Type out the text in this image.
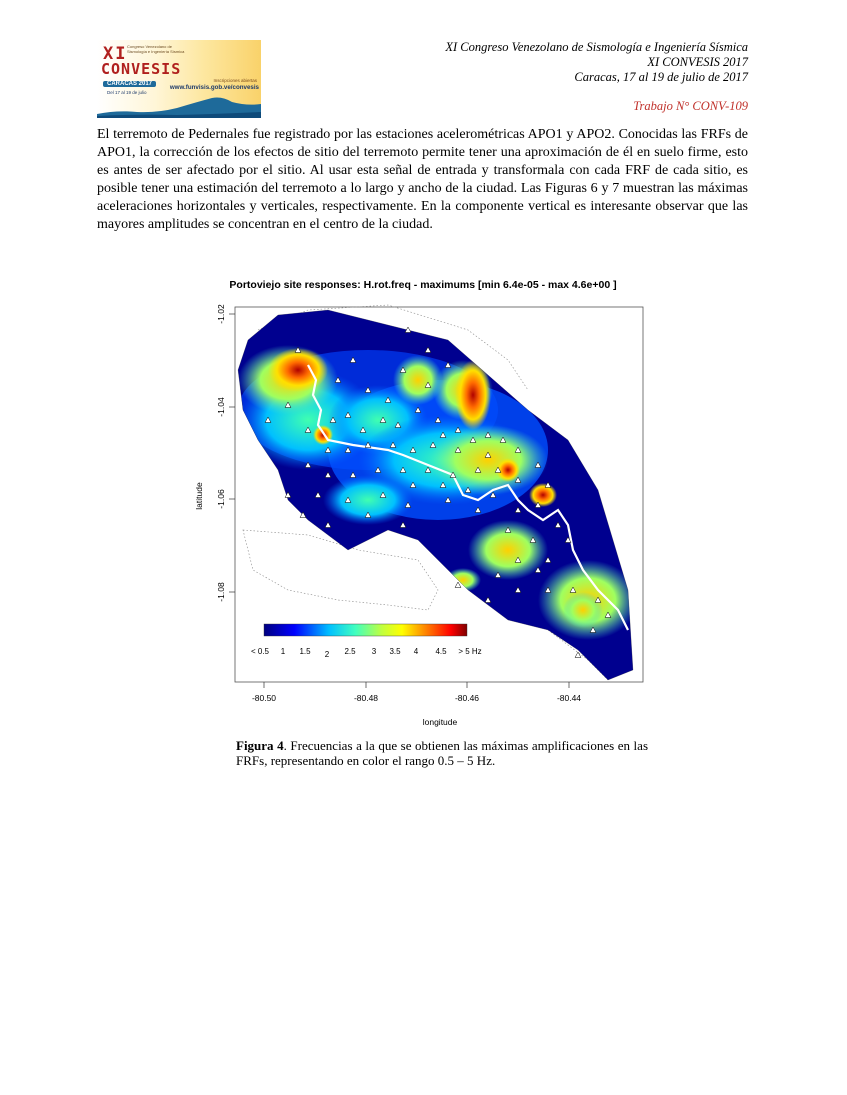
XI Congreso Venezolano de Sismología e Ingeniería Sísmica
CONVESIS
CARACAS 2017
Del 17 al 19 de julio
Inscripciones abiertas
www.funvisis.gob.ve/convesis
XI Congreso Venezolano de Sismología e Ingeniería Sísmica
XI CONVESIS 2017
Caracas, 17 al 19 de julio de 2017
Trabajo N° CONV-109
El terremoto de Pedernales fue registrado por las estaciones acelerométricas APO1 y APO2. Conocidas las FRFs de APO1, la corrección de los efectos de sitio del terremoto permite tener una aproximación de él en suelo firme, esto es antes de ser afectado por el sitio. Al usar esta señal de entrada y transformala con cada FRF de cada sitio, es posible tener una estimación del terremoto a lo largo y ancho de la ciudad. Las Figuras 6 y 7 muestran las máximas aceleraciones horizontales y verticales, respectivamente. En la componente vertical es interesante observar que las mayores amplitudes se concentran en el centro de la ciudad.
Portoviejo site responses: H.rot.freq - maximums [min 6.4e-05 - max 4.6e+00 ]
< 0.5 1 1.5 2 2.5 3 3.5 4 4.5 > 5 Hz
-1.02
-1.04
-1.06
-1.08
latitude
-80.50	-80.48	-80.46	-80.44
longitude
Figura 4. Frecuencias a la que se obtienen las máximas amplificaciones en las FRFs, representando en color el rango 0.5 – 5 Hz.
